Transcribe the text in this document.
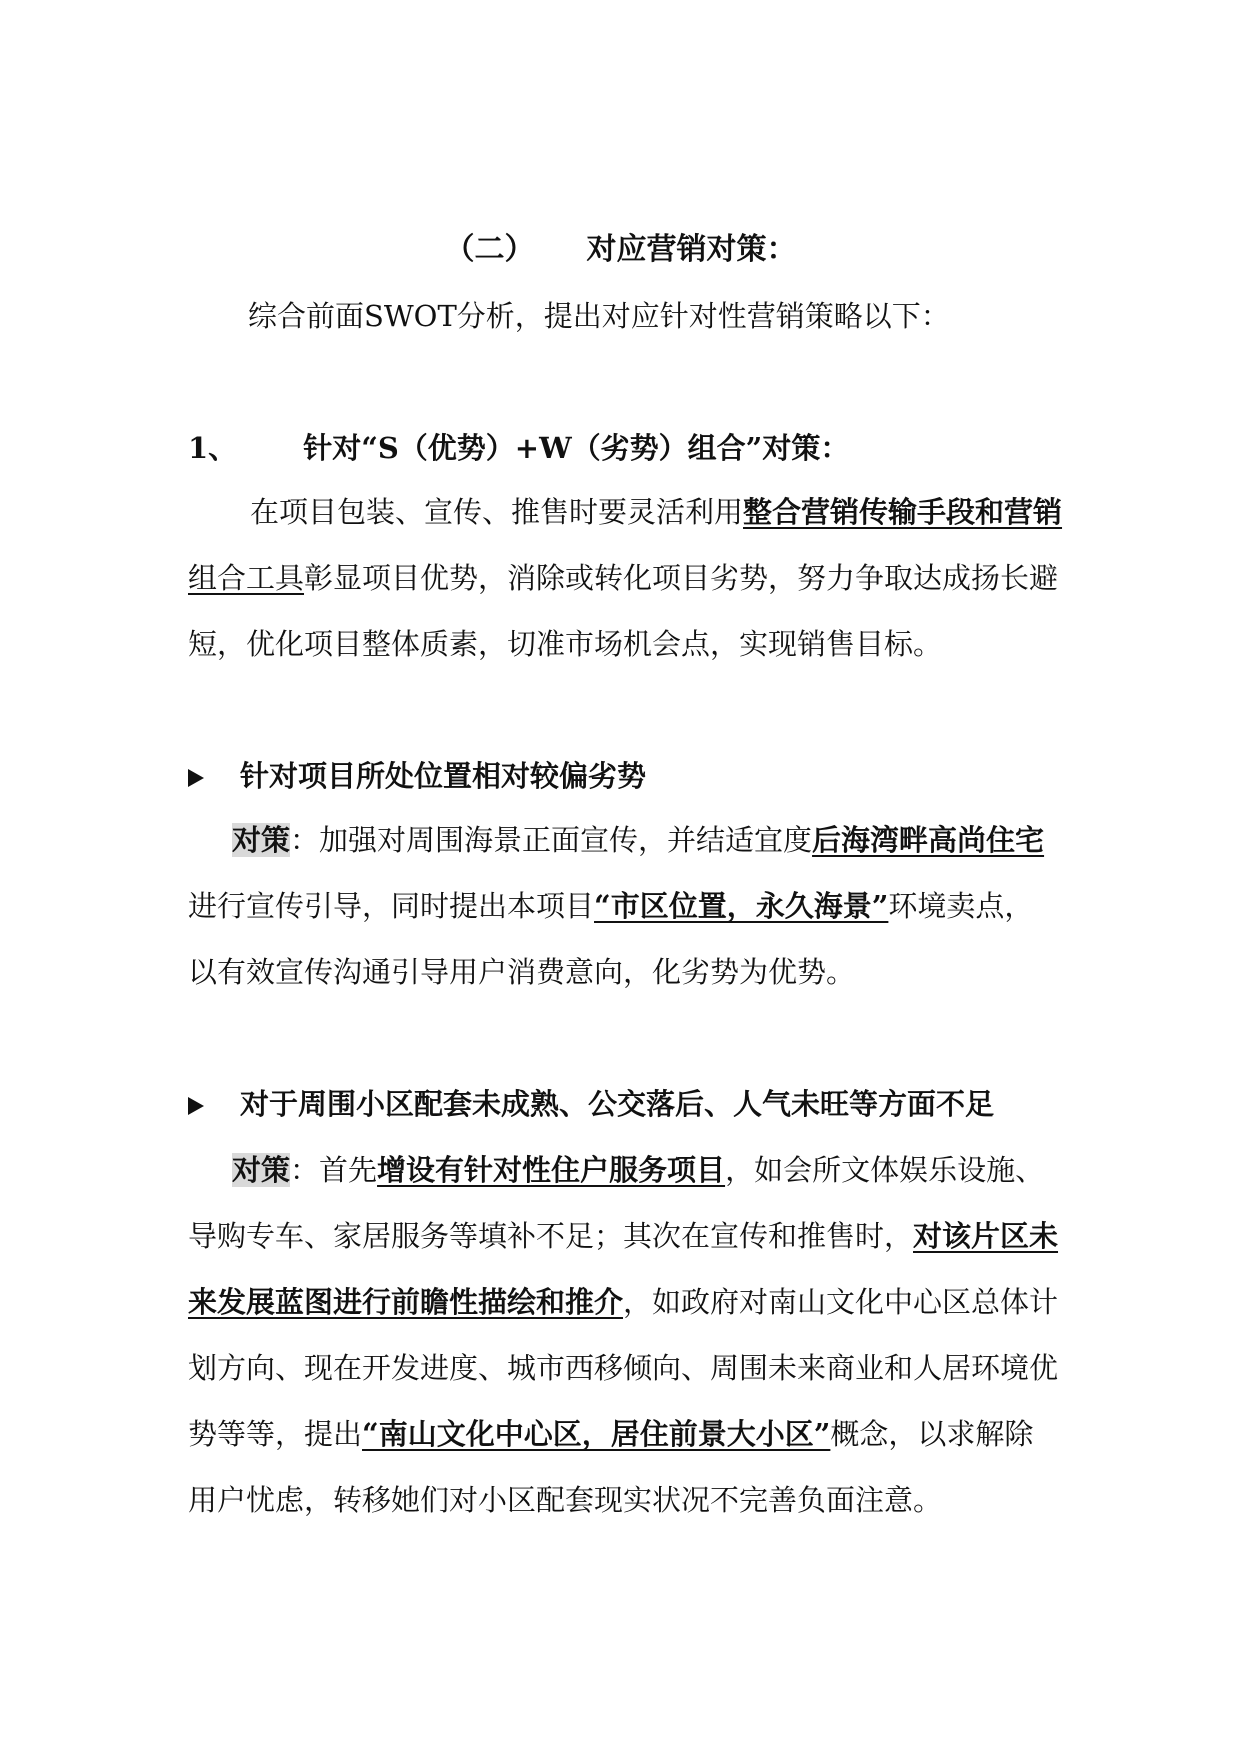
（二） 对应营销对策：
综合前面SWOT分析，提出对应针对性营销策略以下：
1、 针对“S（优势）+W（劣势）组合”对策：
在项目包装、宣传、推售时要灵活利用整合营销传输手段和营销
组合工具彰显项目优势，消除或转化项目劣势，努力争取达成扬长避
短，优化项目整体质素，切准市场机会点，实现销售目标。
针对项目所处位置相对较偏劣势
对策：加强对周围海景正面宣传，并结适宜度后海湾畔高尚住宅
进行宣传引导，同时提出本项目“市区位置，永久海景”环境卖点，
以有效宣传沟通引导用户消费意向，化劣势为优势。
对于周围小区配套未成熟、公交落后、人气未旺等方面不足
对策：首先增设有针对性住户服务项目，如会所文体娱乐设施、
导购专车、家居服务等填补不足；其次在宣传和推售时，对该片区未
来发展蓝图进行前瞻性描绘和推介，如政府对南山文化中心区总体计
划方向、现在开发进度、城市西移倾向、周围未来商业和人居环境优
势等等，提出“南山文化中心区，居住前景大小区”概念，以求解除
用户忧虑，转移她们对小区配套现实状况不完善负面注意。
